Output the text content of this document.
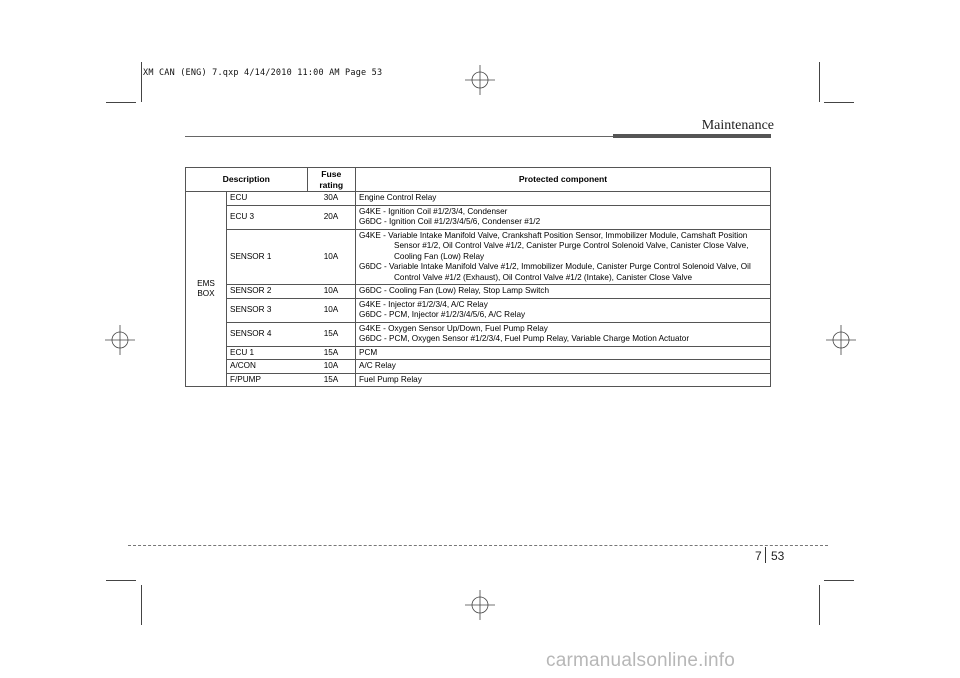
XM CAN (ENG) 7.qxp 4/14/2010 11:00 AM Page 53
Maintenance
Description		Fuse rating	Protected component
EMS BOX	ECU	30A	Engine Control Relay

	ECU 3	20A	G4KE - Ignition Coil #1/2/3/4, Condenser
G6DC - Ignition Coil #1/2/3/4/5/6, Condenser #1/2

	SENSOR 1	10A	G4KE - Variable Intake Manifold Valve, Crankshaft Position Sensor, Immobilizer Module, Camshaft Position Sensor #1/2, Oil Control Valve #1/2, Canister Purge Control Solenoid Valve, Canister Close Valve, Cooling Fan (Low) Relay
G6DC - Variable Intake Manifold Valve #1/2, Immobilizer Module, Canister Purge Control Solenoid Valve, Oil Control Valve #1/2 (Exhaust), Oil Control Valve #1/2 (Intake), Canister Close Valve

	SENSOR 2	10A	G6DC - Cooling Fan (Low) Relay, Stop Lamp Switch

	SENSOR 3	10A	G4KE - Injector #1/2/3/4, A/C Relay
G6DC - PCM, Injector #1/2/3/4/5/6, A/C Relay

	SENSOR 4	15A	G4KE - Oxygen Sensor Up/Down, Fuel Pump Relay
G6DC - PCM, Oxygen Sensor #1/2/3/4, Fuel Pump Relay, Variable Charge Motion Actuator

	ECU 1	15A	PCM

	A/CON	10A	A/C Relay

	F/PUMP	15A	Fuel Pump Relay
7 53
carmanualsonline.info
